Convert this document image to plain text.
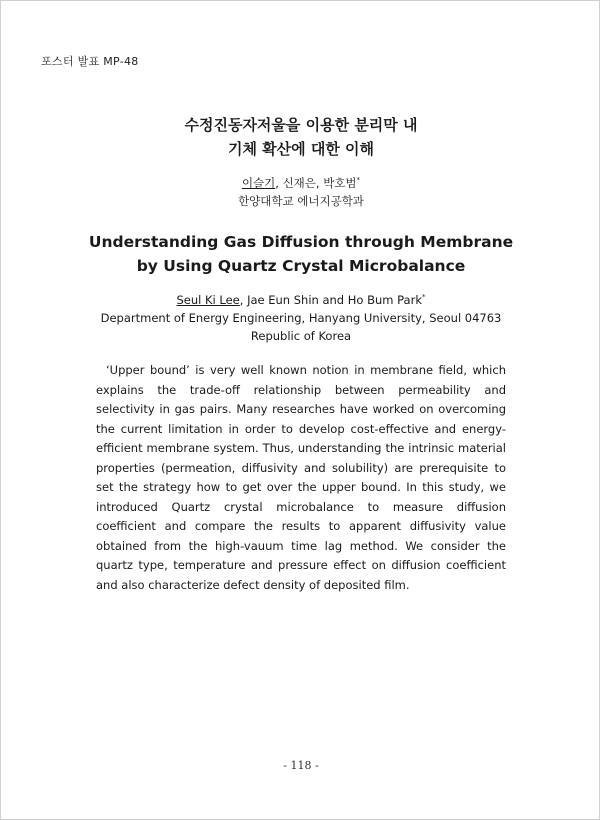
포스터 발표 MP-48
수정진동자저울을 이용한 분리막 내
기체 확산에 대한 이해
이슬기, 신재은, 박호범*
한양대학교 에너지공학과
Understanding Gas Diffusion through Membrane
by Using Quartz Crystal Microbalance
Seul Ki Lee, Jae Eun Shin and Ho Bum Park*
Department of Energy Engineering, Hanyang University, Seoul 04763
Republic of Korea
‘Upper bound’ is very well known notion in membrane field, which explains the trade-off relationship between permeability and selectivity in gas pairs. Many researches have worked on overcoming the current limitation in order to develop cost-effective and energy-efficient membrane system. Thus, understanding the intrinsic material properties (permeation, diffusivity and solubility) are prerequisite to set the strategy how to get over the upper bound. In this study, we introduced Quartz crystal microbalance to measure diffusion coefficient and compare the results to apparent diffusivity value obtained from the high-vauum time lag method. We consider the quartz type, temperature and pressure effect on diffusion coefficient and also characterize defect density of deposited film.
- 118 -
